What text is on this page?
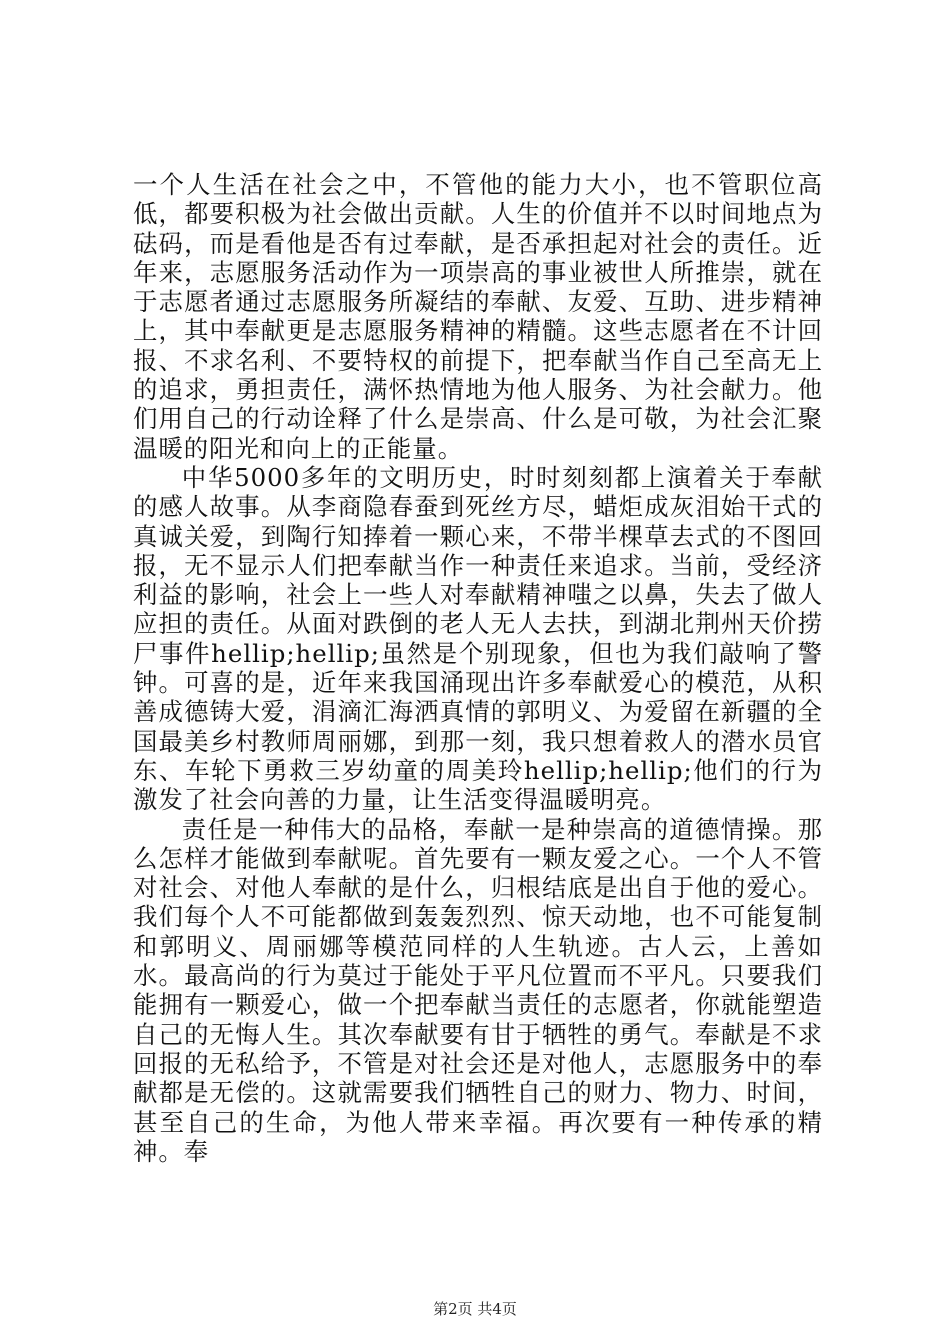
一个人生活在社会之中，不管他的能力大小，也不管职位高低，都要积极为社会做出贡献。人生的价值并不以时间地点为砝码，而是看他是否有过奉献，是否承担起对社会的责任。近年来，志愿服务活动作为一项崇高的事业被世人所推崇，就在于志愿者通过志愿服务所凝结的奉献、友爱、互助、进步精神上，其中奉献更是志愿服务精神的精髓。这些志愿者在不计回报、不求名利、不要特权的前提下，把奉献当作自己至高无上的追求，勇担责任，满怀热情地为他人服务、为社会献力。他们用自己的行动诠释了什么是崇高、什么是可敬，为社会汇聚温暖的阳光和向上的正能量。

中华5000多年的文明历史，时时刻刻都上演着关于奉献的感人故事。从李商隐春蚕到死丝方尽，蜡炬成灰泪始干式的真诚关爱，到陶行知捧着一颗心来，不带半棵草去式的不图回报，无不显示人们把奉献当作一种责任来追求。当前，受经济利益的影响，社会上一些人对奉献精神嗤之以鼻，失去了做人应担的责任。从面对跌倒的老人无人去扶，到湖北荆州天价捞尸事件hellip;hellip;虽然是个别现象，但也为我们敲响了警钟。可喜的是，近年来我国涌现出许多奉献爱心的模范，从积善成德铸大爱，涓滴汇海洒真情的郭明义、为爱留在新疆的全国最美乡村教师周丽娜，到那一刻，我只想着救人的潜水员官东、车轮下勇救三岁幼童的周美玲hellip;hellip;他们的行为激发了社会向善的力量，让生活变得温暖明亮。

责任是一种伟大的品格，奉献一是种崇高的道德情操。那么怎样才能做到奉献呢。首先要有一颗友爱之心。一个人不管对社会、对他人奉献的是什么，归根结底是出自于他的爱心。我们每个人不可能都做到轰轰烈烈、惊天动地，也不可能复制和郭明义、周丽娜等模范同样的人生轨迹。古人云，上善如水。最高尚的行为莫过于能处于平凡位置而不平凡。只要我们能拥有一颗爱心，做一个把奉献当责任的志愿者，你就能塑造自己的无悔人生。其次奉献要有甘于牺牲的勇气。奉献是不求回报的无私给予，不管是对社会还是对他人，志愿服务中的奉献都是无偿的。这就需要我们牺牲自己的财力、物力、时间，甚至自己的生命，为他人带来幸福。再次要有一种传承的精神。奉

第2页 共4页
